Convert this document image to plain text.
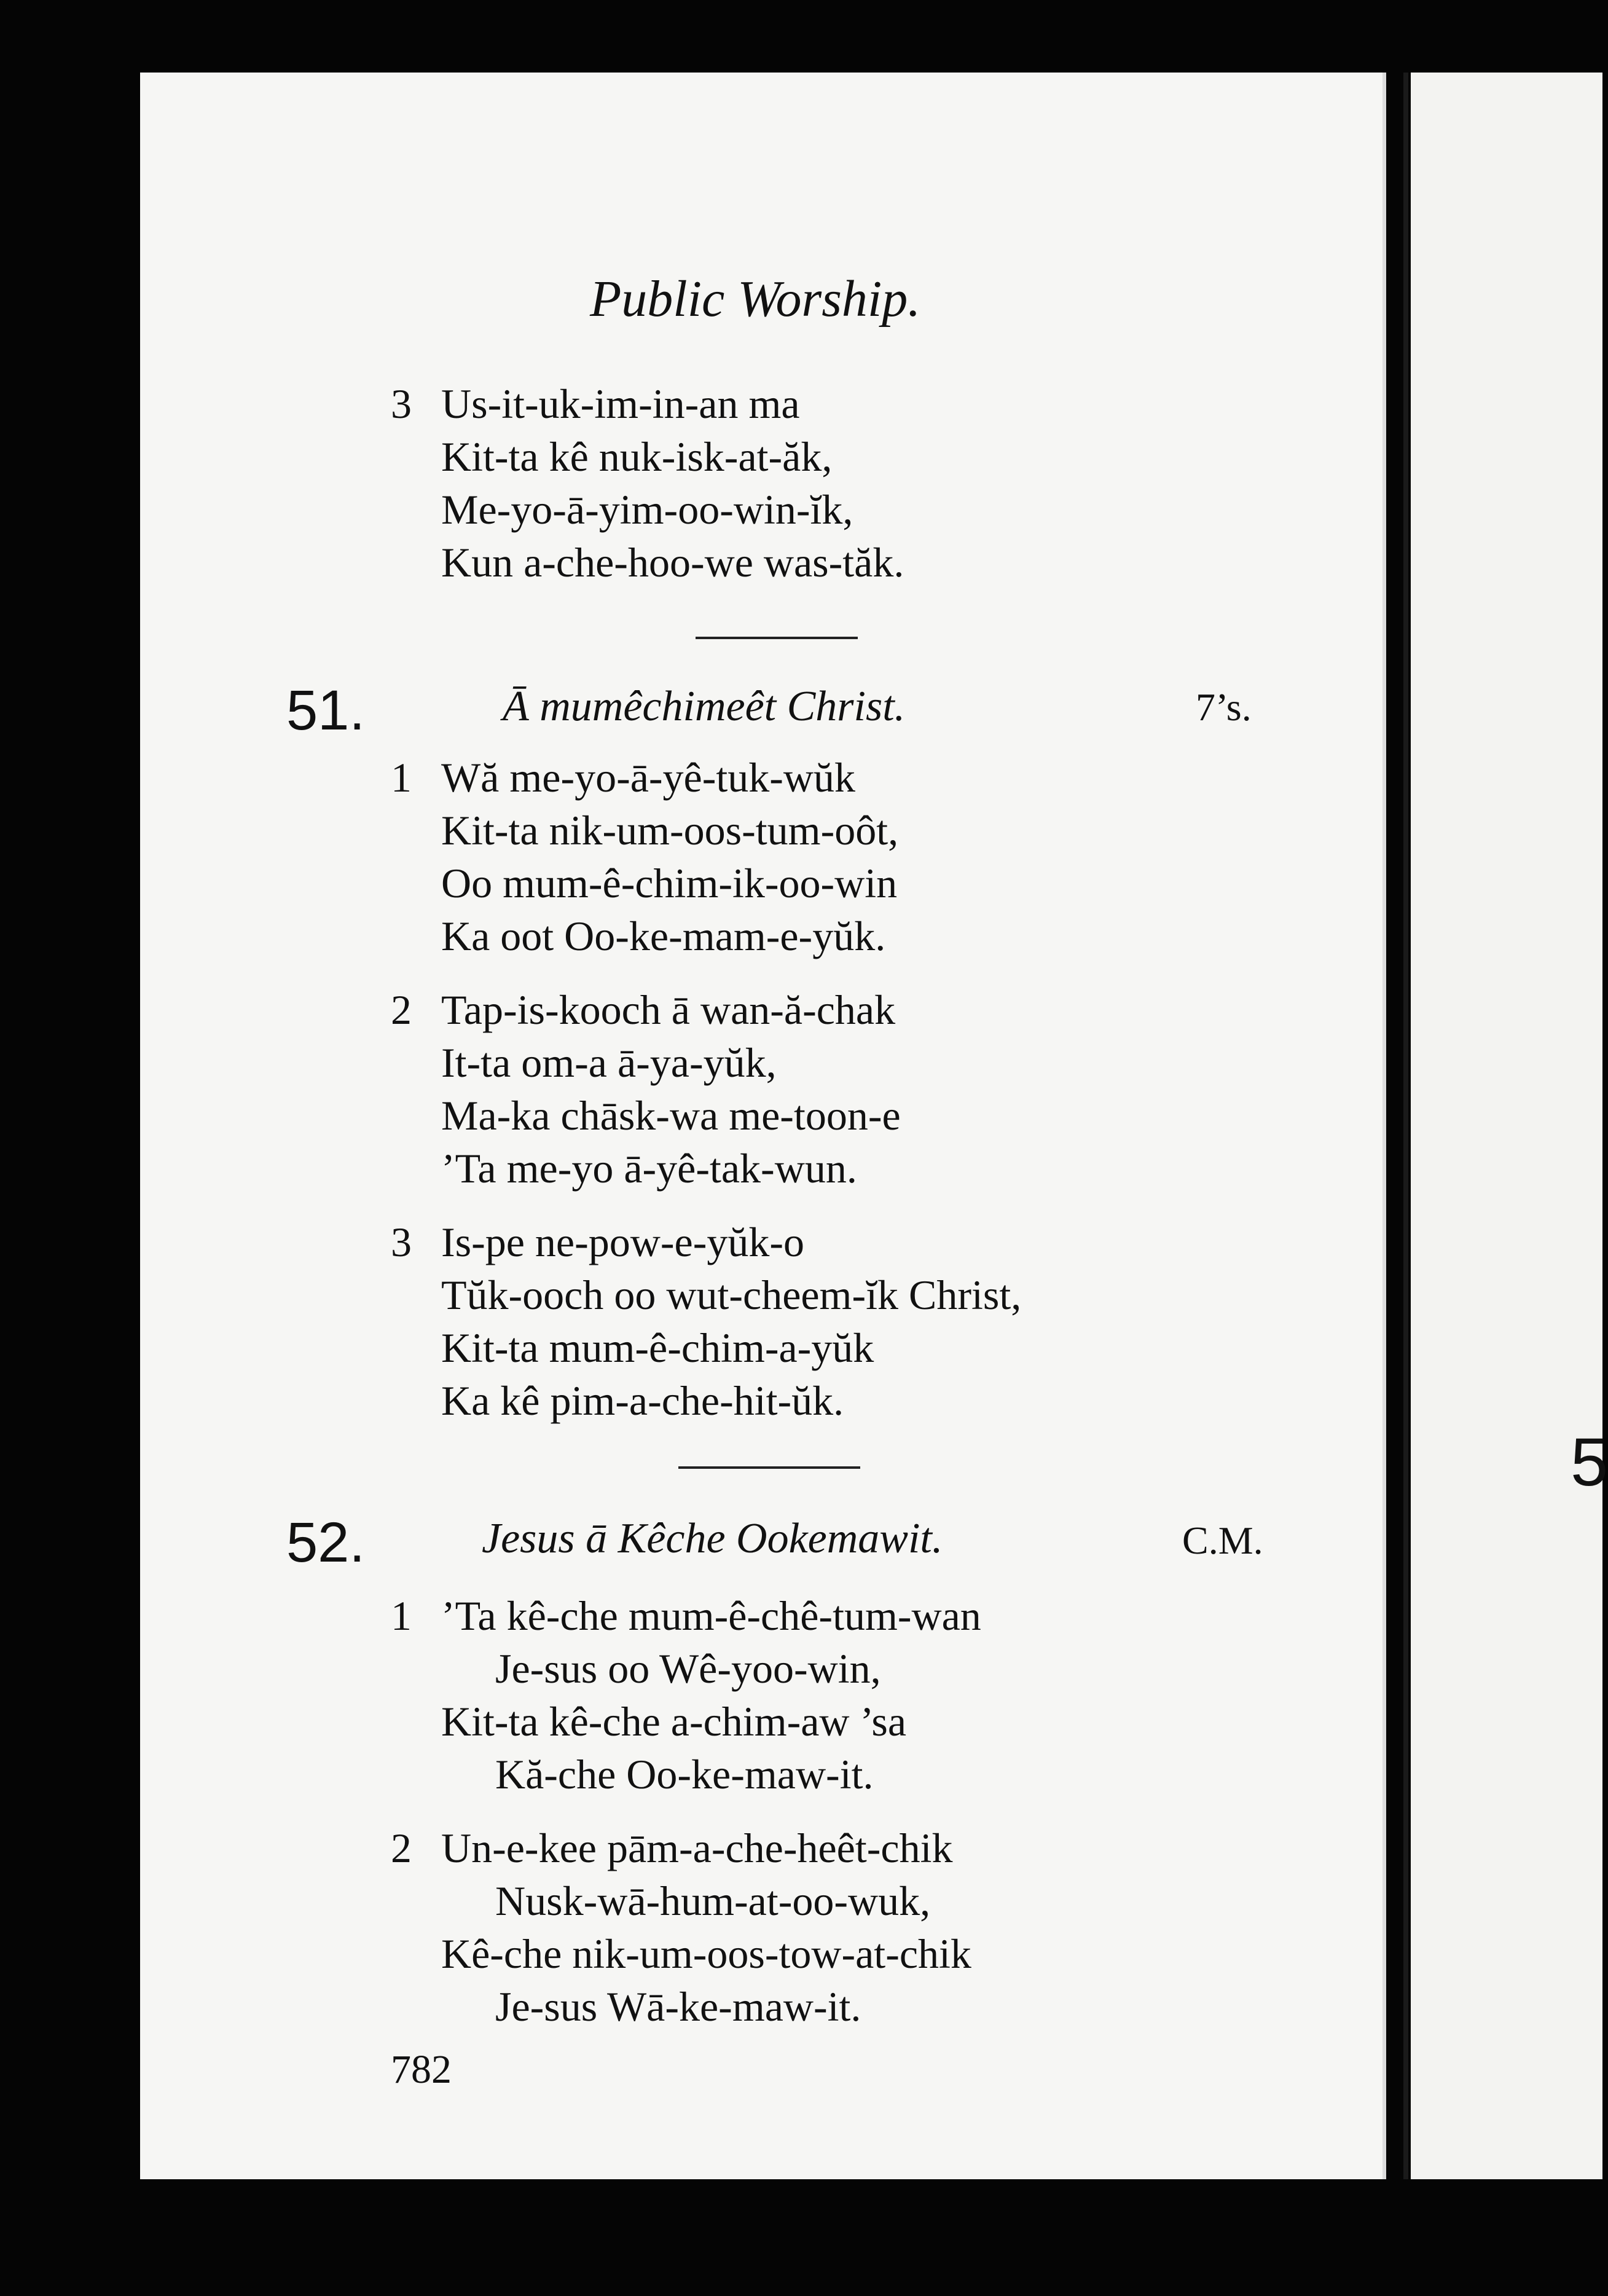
5
Public Worship.
3 Us-it-uk-im-in-an ma
Kit-ta kê nuk-isk-at-ăk,
Me-yo-ā-yim-oo-win-ĭk,
Kun a-che-hoo-we was-tăk.
51.	Ā mumêchimeêt Christ.	7’s.
1 Wă me-yo-ā-yê-tuk-wŭk
Kit-ta nik-um-oos-tum-oôt,
Oo mum-ê-chim-ik-oo-win
Ka oot Oo-ke-mam-e-yŭk.
2 Tap-is-kooch ā wan-ă-chak
It-ta om-a ā-ya-yŭk,
Ma-ka chāsk-wa me-toon-e
’Ta me-yo ā-yê-tak-wun.
3 Is-pe ne-pow-e-yŭk-o
Tŭk-ooch oo wut-cheem-ĭk Christ,
Kit-ta mum-ê-chim-a-yŭk
Ka kê pim-a-che-hit-ŭk.
52.	Jesus ā Kêche Ookemawit.	C.M.
1 ’Ta kê-che mum-ê-chê-tum-wan
Je-sus oo Wê-yoo-win,
Kit-ta kê-che a-chim-aw ’sa
Kă-che Oo-ke-maw-it.
2 Un-e-kee pām-a-che-heêt-chik
Nusk-wā-hum-at-oo-wuk,
Kê-che nik-um-oos-tow-at-chik
Je-sus Wā-ke-maw-it.
782
